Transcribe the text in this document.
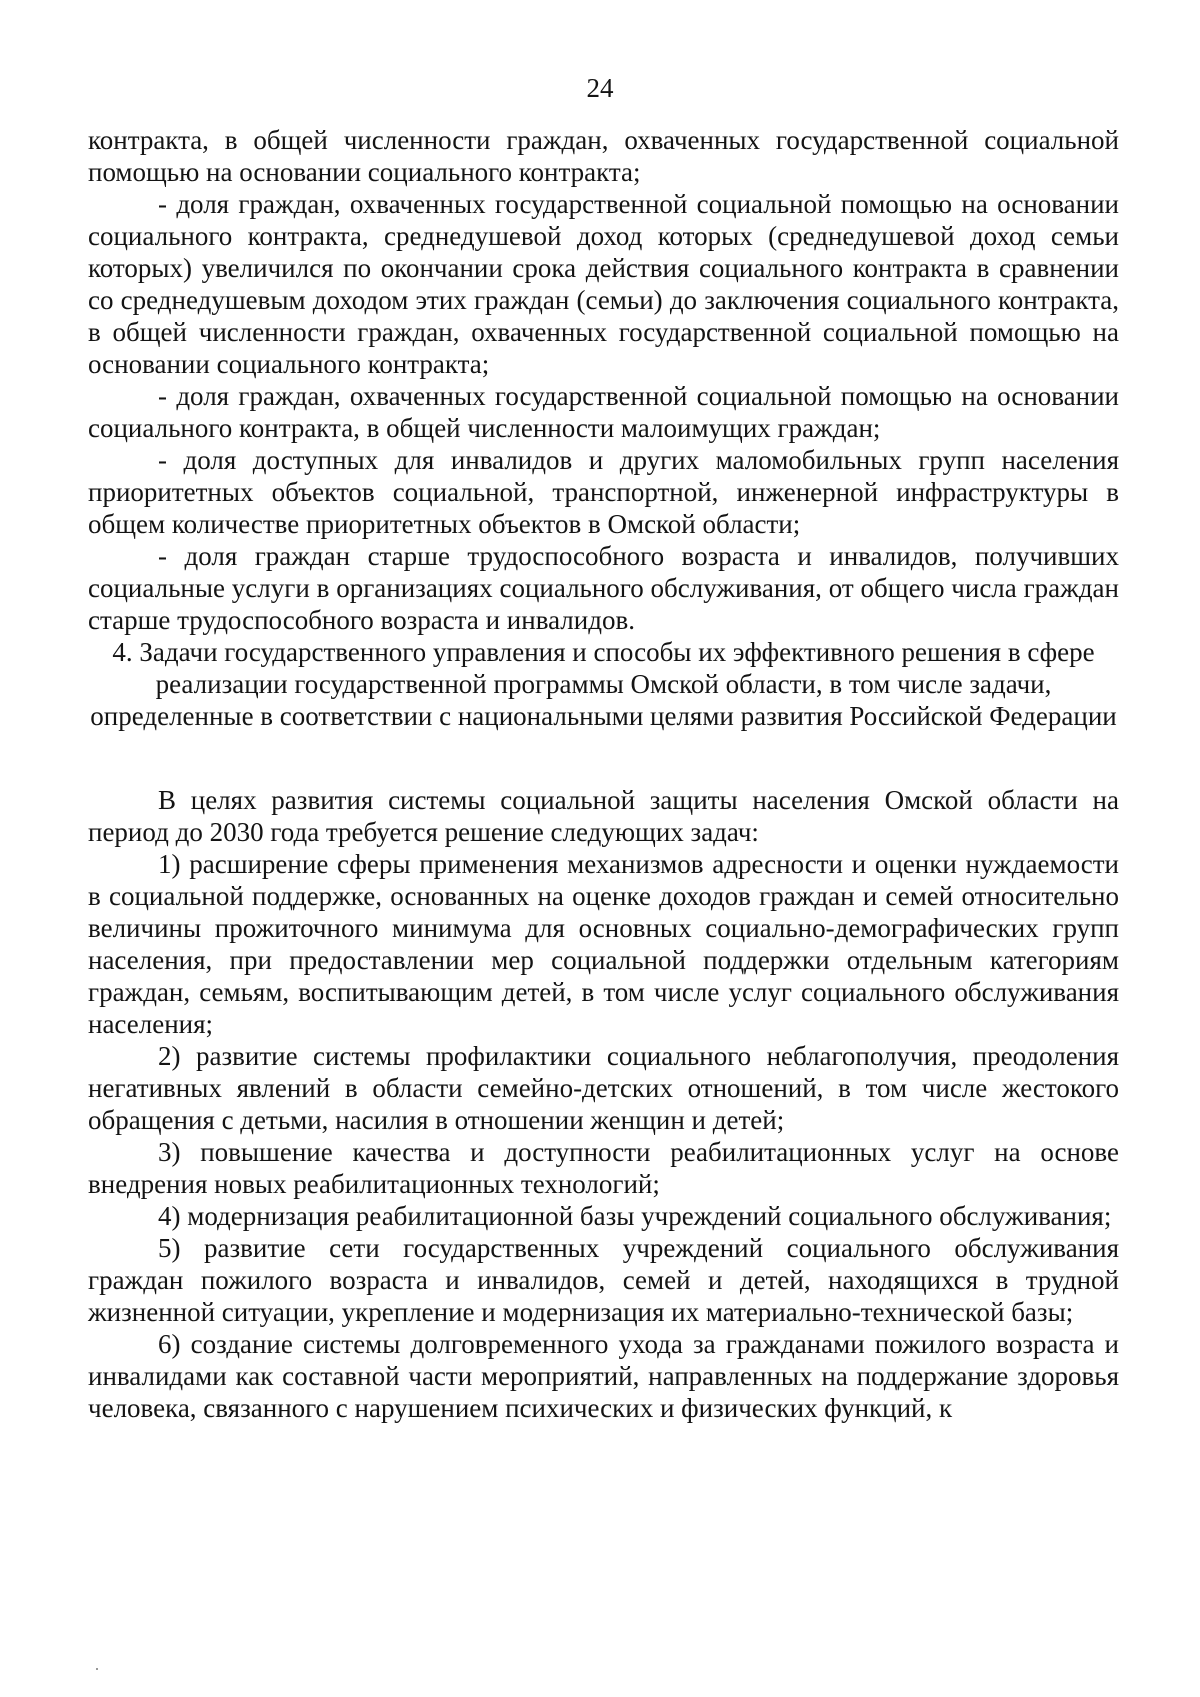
24

контракта, в общей численности граждан, охваченных государственной социальной помощью на основании социального контракта;

- доля граждан, охваченных государственной социальной помощью на основании социального контракта, среднедушевой доход которых (среднедушевой доход семьи которых) увеличился по окончании срока действия социального контракта в сравнении со среднедушевым доходом этих граждан (семьи) до заключения социального контракта, в общей численности граждан, охваченных государственной социальной помощью на основании социального контракта;

- доля граждан, охваченных государственной социальной помощью на основании социального контракта, в общей численности малоимущих граждан;

- доля доступных для инвалидов и других маломобильных групп населения приоритетных объектов социальной, транспортной, инженерной инфраструктуры в общем количестве приоритетных объектов в Омской области;

- доля граждан старше трудоспособного возраста и инвалидов, получивших социальные услуги в организациях социального обслуживания, от общего числа граждан старше трудоспособного возраста и инвалидов.

4. Задачи государственного управления и способы их эффективного решения в сфере реализации государственной программы Омской области, в том числе задачи, определенные в соответствии с национальными целями развития Российской Федерации

В целях развития системы социальной защиты населения Омской области на период до 2030 года требуется решение следующих задач:

1) расширение сферы применения механизмов адресности и оценки нуждаемости в социальной поддержке, основанных на оценке доходов граждан и семей относительно величины прожиточного минимума для основных социально-демографических групп населения, при предоставлении мер социальной поддержки отдельным категориям граждан, семьям, воспитывающим детей, в том числе услуг социального обслуживания населения;

2) развитие системы профилактики социального неблагополучия, преодоления негативных явлений в области семейно-детских отношений, в том числе жестокого обращения с детьми, насилия в отношении женщин и детей;

3) повышение качества и доступности реабилитационных услуг на основе внедрения новых реабилитационных технологий;

4) модернизация реабилитационной базы учреждений социального обслуживания;

5) развитие сети государственных учреждений социального обслуживания граждан пожилого возраста и инвалидов, семей и детей, находящихся в трудной жизненной ситуации, укрепление и модернизация их материально-технической базы;

6) создание системы долговременного ухода за гражданами пожилого возраста и инвалидами как составной части мероприятий, направленных на поддержание здоровья человека, связанного с нарушением психических и физических функций, к
